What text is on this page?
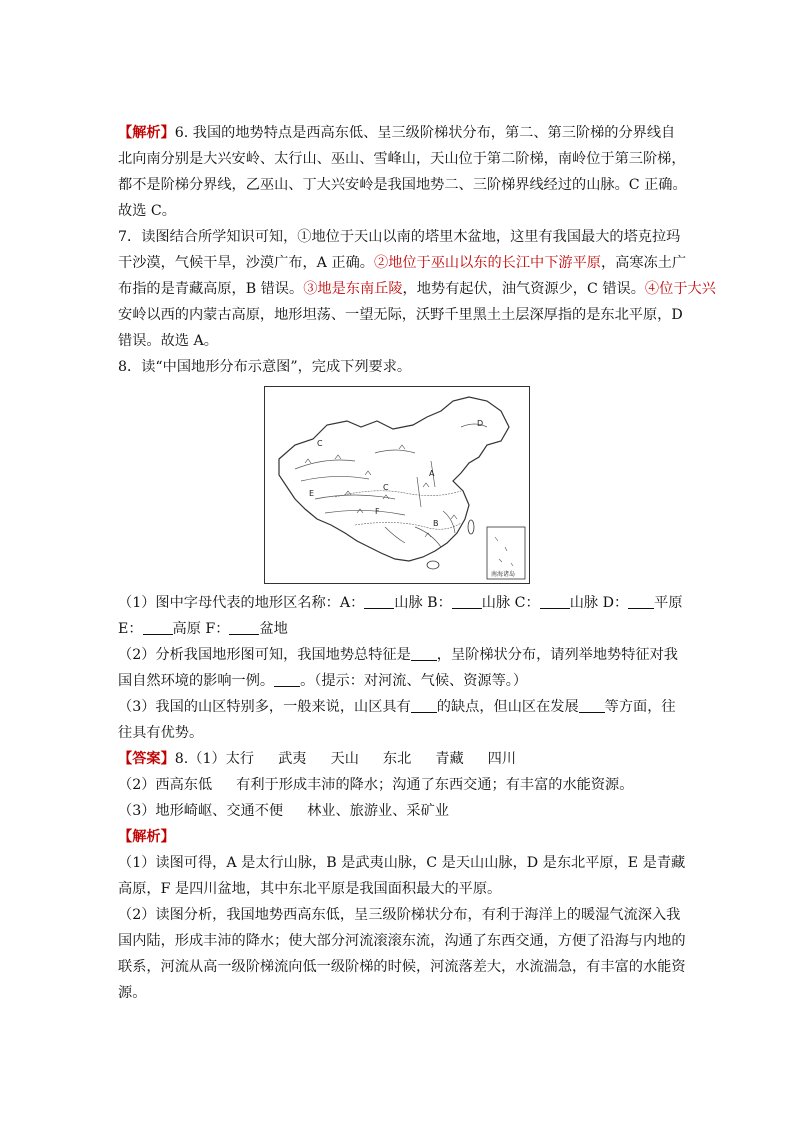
【解析】6. 我国的地势特点是西高东低、呈三级阶梯状分布，第二、第三阶梯的分界线自
北向南分别是大兴安岭、太行山、巫山、雪峰山，天山位于第二阶梯，南岭位于第三阶梯，
都不是阶梯分界线，乙巫山、丁大兴安岭是我国地势二、三阶梯界线经过的山脉。C 正确。
故选 C。
7．读图结合所学知识可知，①地位于天山以南的塔里木盆地，这里有我国最大的塔克拉玛
干沙漠，气候干旱，沙漠广布，A 正确。②地位于巫山以东的长江中下游平原，高寒冻土广
布指的是青藏高原，B 错误。③地是东南丘陵，地势有起伏，油气资源少，C 错误。④位于大兴
安岭以西的内蒙古高原，地形坦荡、一望无际，沃野千里黑土土层深厚指的是东北平原，D
错误。故选 A。
8．读“中国地形分布示意图”，完成下列要求。
D
C
A
C
E
F
B
南海诸岛
（1）图中字母代表的地形区名称：A： 山脉 B： 山脉 C： 山脉 D： 平原
E： 高原 F： 盆地
（2）分析我国地形图可知，我国地势总特征是 ，呈阶梯状分布，请列举地势特征对我
国自然环境的影响一例。 。（提示：对河流、气候、资源等。）
（3）我国的山区特别多，一般来说，山区具有 的缺点，但山区在发展 等方面，往
往具有优势。
【答案】8.（1）太行 武夷 天山 东北 青藏 四川
（2）西高东低 有利于形成丰沛的降水；沟通了东西交通；有丰富的水能资源。
（3）地形崎岖、交通不便 林业、旅游业、采矿业
【解析】
（1）读图可得，A 是太行山脉，B 是武夷山脉，C 是天山山脉，D 是东北平原，E 是青藏
高原，F 是四川盆地，其中东北平原是我国面积最大的平原。
（2）读图分析，我国地势西高东低，呈三级阶梯状分布，有利于海洋上的暖湿气流深入我
国内陆，形成丰沛的降水；使大部分河流滚滚东流，沟通了东西交通，方便了沿海与内地的
联系，河流从高一级阶梯流向低一级阶梯的时候，河流落差大，水流湍急，有丰富的水能资
源。
